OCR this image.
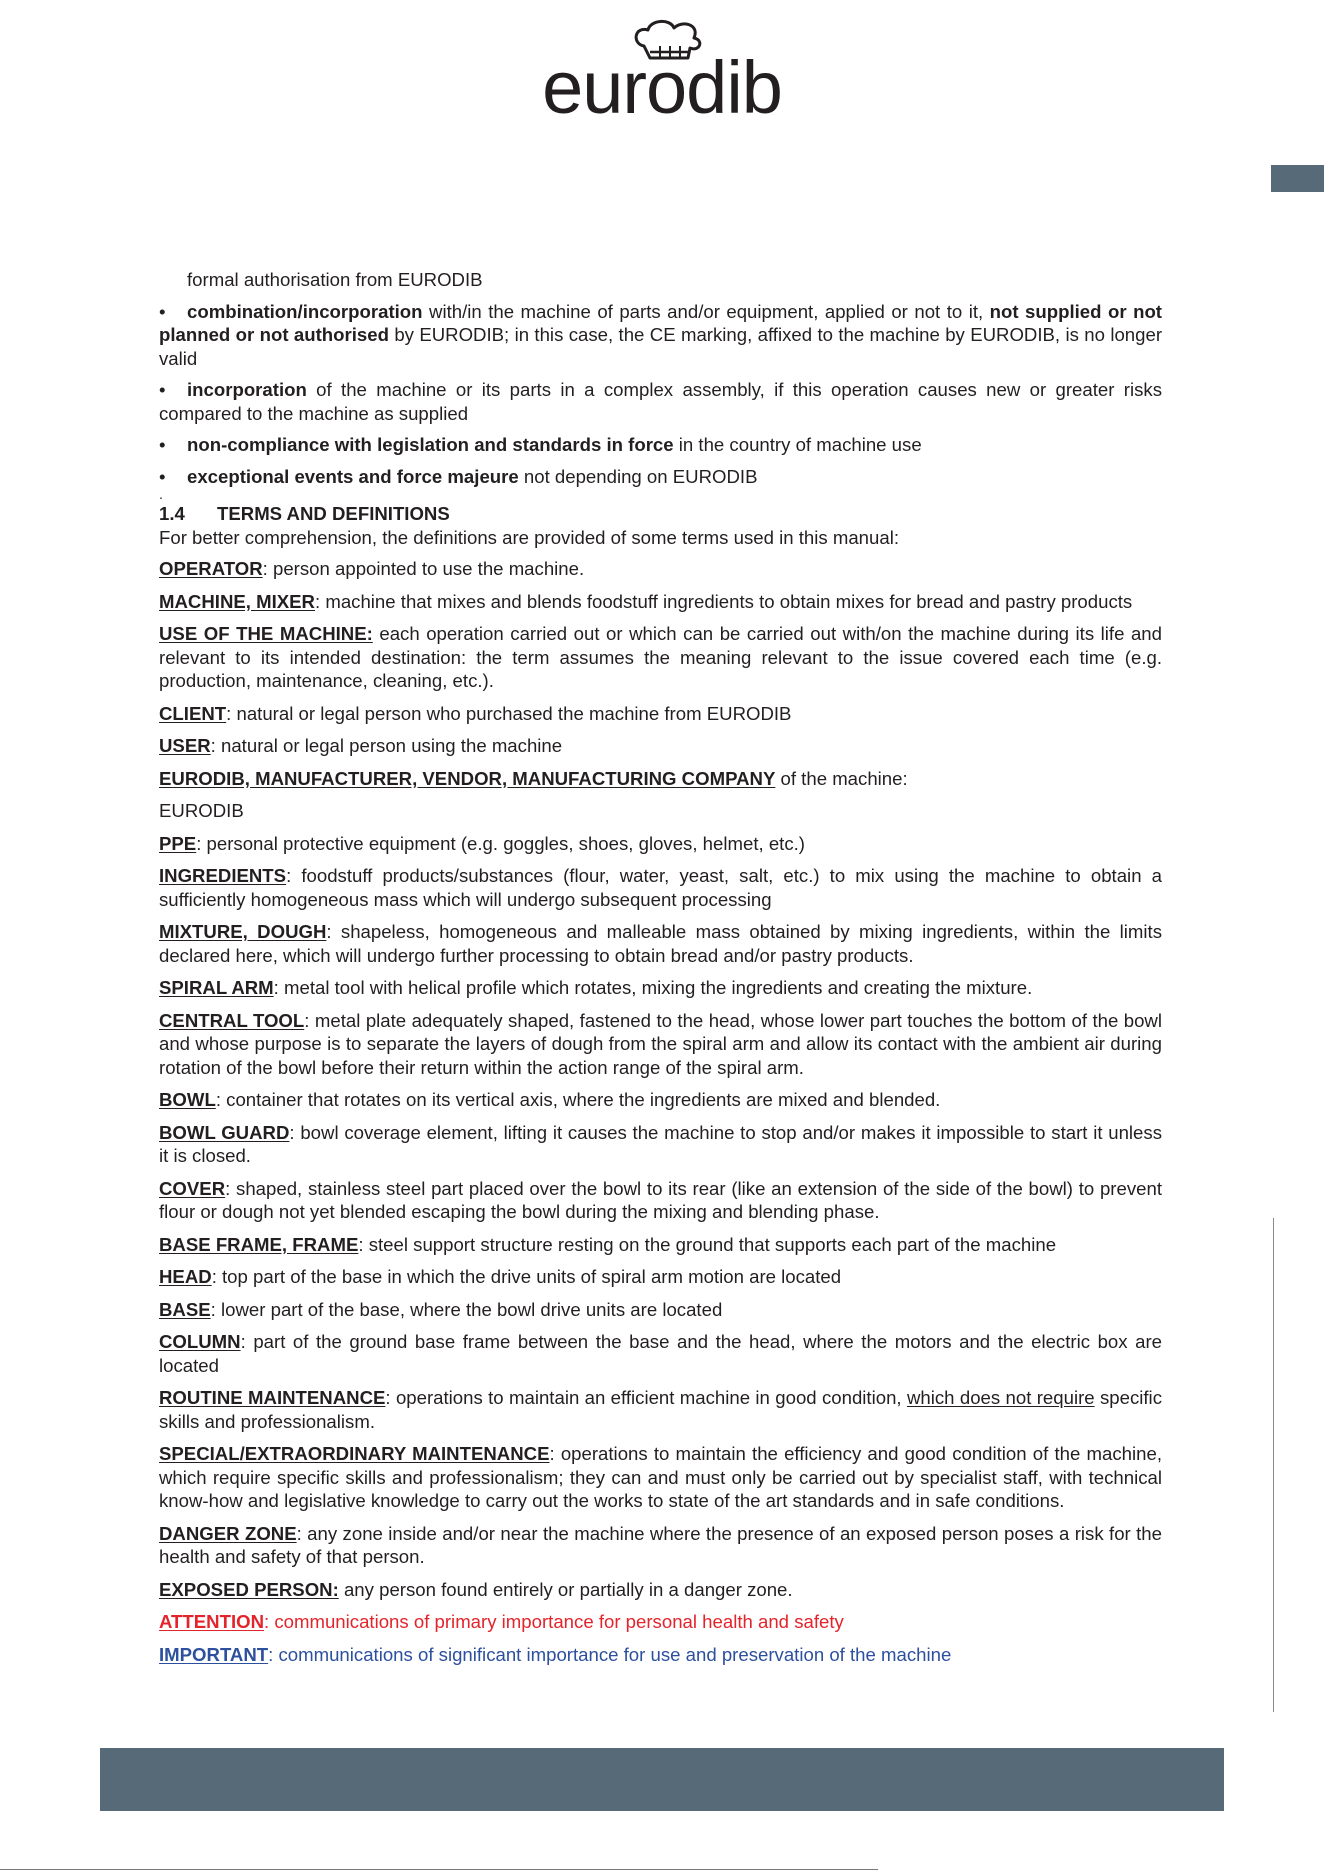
eurodib

formal authorisation from EURODIB

• combination/incorporation with/in the machine of parts and/or equipment, applied or not to it, not supplied or not planned or not authorised by EURODIB; in this case, the CE marking, affixed to the machine by EURODIB, is no longer valid

• incorporation of the machine or its parts in a complex assembly, if this operation causes new or greater risks compared to the machine as supplied

• non-compliance with legislation and standards in force in the country of machine use

• exceptional events and force majeure not depending on EURODIB

.

1.4 TERMS AND DEFINITIONS

For better comprehension, the definitions are provided of some terms used in this manual:

OPERATOR: person appointed to use the machine.

MACHINE, MIXER: machine that mixes and blends foodstuff ingredients to obtain mixes for bread and pastry products

USE OF THE MACHINE: each operation carried out or which can be carried out with/on the machine during its life and relevant to its intended destination: the term assumes the meaning relevant to the issue covered each time (e.g. production, maintenance, cleaning, etc.).

CLIENT: natural or legal person who purchased the machine from EURODIB

USER: natural or legal person using the machine

EURODIB, MANUFACTURER, VENDOR, MANUFACTURING COMPANY of the machine:

EURODIB

PPE: personal protective equipment (e.g. goggles, shoes, gloves, helmet, etc.)

INGREDIENTS: foodstuff products/substances (flour, water, yeast, salt, etc.) to mix using the machine to obtain a sufficiently homogeneous mass which will undergo subsequent processing

MIXTURE, DOUGH: shapeless, homogeneous and malleable mass obtained by mixing ingredients, within the limits declared here, which will undergo further processing to obtain bread and/or pastry products.

SPIRAL ARM: metal tool with helical profile which rotates, mixing the ingredients and creating the mixture.

CENTRAL TOOL: metal plate adequately shaped, fastened to the head, whose lower part touches the bottom of the bowl and whose purpose is to separate the layers of dough from the spiral arm and allow its contact with the ambient air during rotation of the bowl before their return within the action range of the spiral arm.

BOWL: container that rotates on its vertical axis, where the ingredients are mixed and blended.

BOWL GUARD: bowl coverage element, lifting it causes the machine to stop and/or makes it impossible to start it unless it is closed.

COVER: shaped, stainless steel part placed over the bowl to its rear (like an extension of the side of the bowl) to prevent flour or dough not yet blended escaping the bowl during the mixing and blending phase.

BASE FRAME, FRAME: steel support structure resting on the ground that supports each part of the machine

HEAD: top part of the base in which the drive units of spiral arm motion are located

BASE: lower part of the base, where the bowl drive units are located

COLUMN: part of the ground base frame between the base and the head, where the motors and the electric box are located

ROUTINE MAINTENANCE: operations to maintain an efficient machine in good condition, which does not require specific skills and professionalism.

SPECIAL/EXTRAORDINARY MAINTENANCE: operations to maintain the efficiency and good condition of the machine, which require specific skills and professionalism; they can and must only be carried out by specialist staff, with technical know-how and legislative knowledge to carry out the works to state of the art standards and in safe conditions.

DANGER ZONE: any zone inside and/or near the machine where the presence of an exposed person poses a risk for the health and safety of that person.

EXPOSED PERSON: any person found entirely or partially in a danger zone.

ATTENTION: communications of primary importance for personal health and safety

IMPORTANT: communications of significant importance for use and preservation of the machine
